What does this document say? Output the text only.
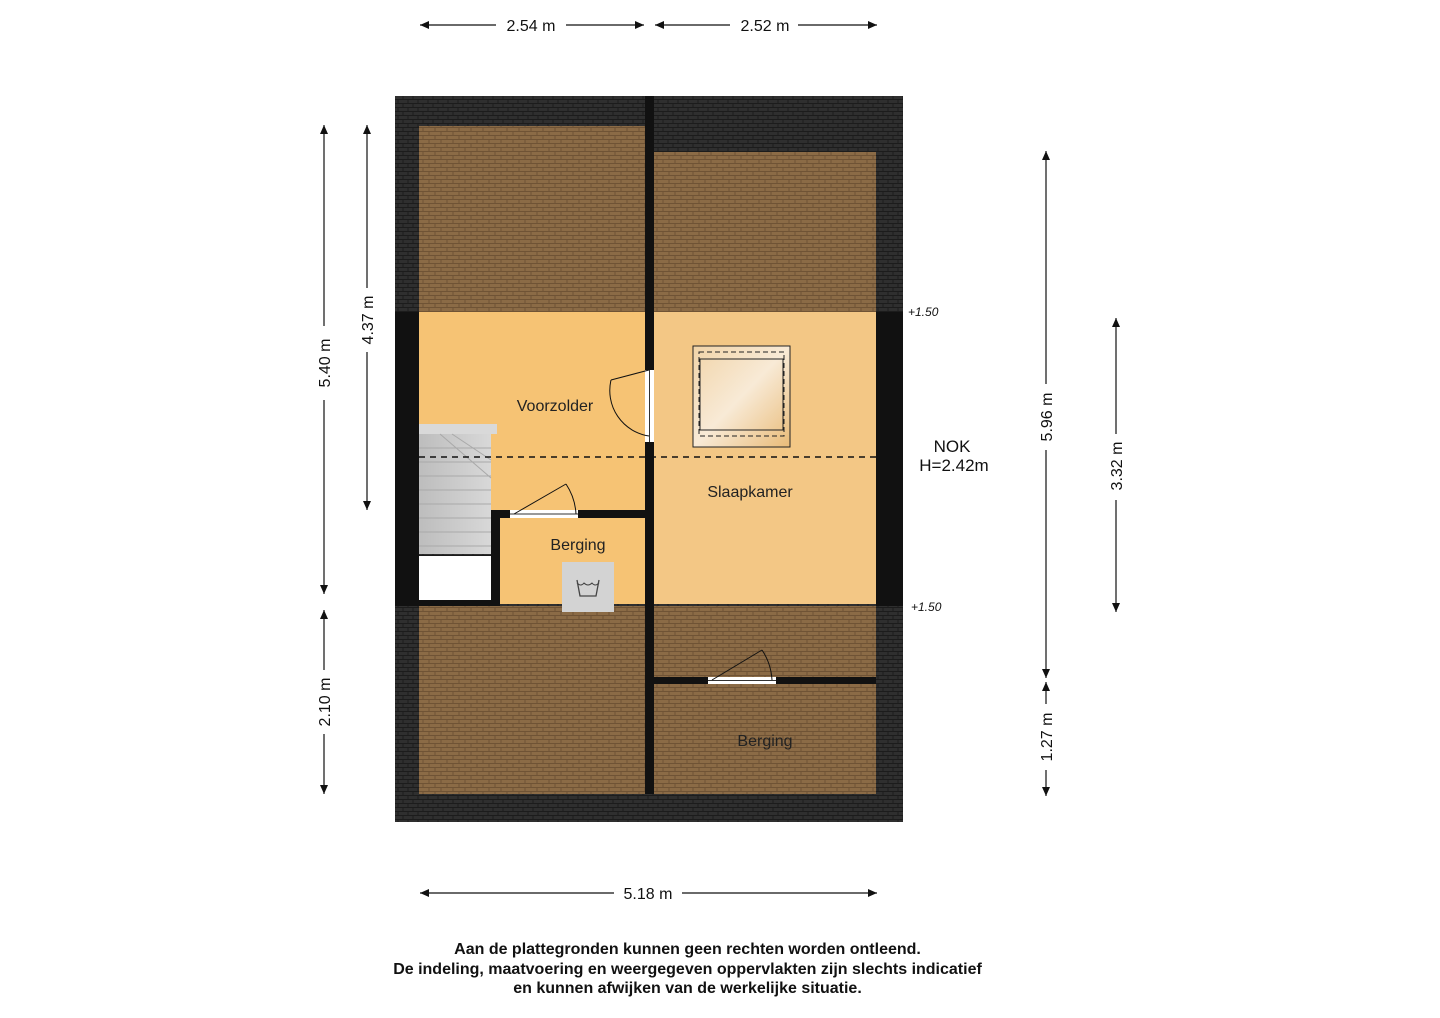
Voorzolder
Slaapkamer
Berging
Berging
+1.50
+1.50
NOK
H=2.42m
2.54 m	2.52 m
5.18 m
5.40 m
4.37 m
2.10 m
5.96 m
3.32 m
1.27 m
Aan de plattegronden kunnen geen rechten worden ontleend.
De indeling, maatvoering en weergegeven oppervlakten zijn slechts indicatief
en kunnen afwijken van de werkelijke situatie.
